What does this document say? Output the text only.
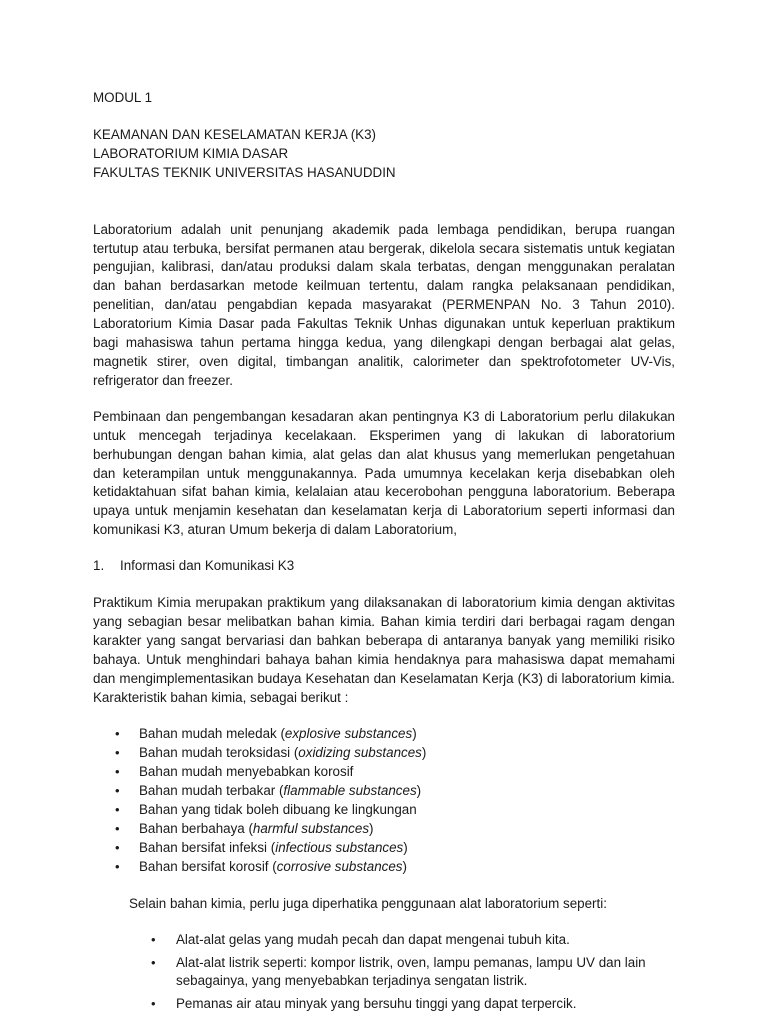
MODUL 1
KEAMANAN DAN KESELAMATAN KERJA (K3)
LABORATORIUM KIMIA DASAR
FAKULTAS TEKNIK UNIVERSITAS HASANUDDIN

Laboratorium adalah unit penunjang akademik pada lembaga pendidikan, berupa ruangan tertutup atau terbuka, bersifat permanen atau bergerak, dikelola secara sistematis untuk kegiatan pengujian, kalibrasi, dan/atau produksi dalam skala terbatas, dengan menggunakan peralatan dan bahan berdasarkan metode keilmuan tertentu, dalam rangka pelaksanaan pendidikan, penelitian, dan/atau pengabdian kepada masyarakat (PERMENPAN No. 3 Tahun 2010). Laboratorium Kimia Dasar pada Fakultas Teknik Unhas digunakan untuk keperluan praktikum bagi mahasiswa tahun pertama hingga kedua, yang dilengkapi dengan berbagai alat gelas, magnetik stirer, oven digital, timbangan analitik, calorimeter dan spektrofotometer UV-Vis, refrigerator dan freezer.

Pembinaan dan pengembangan kesadaran akan pentingnya K3 di Laboratorium perlu dilakukan untuk mencegah terjadinya kecelakaan. Eksperimen yang di lakukan di laboratorium berhubungan dengan bahan kimia, alat gelas dan alat khusus yang memerlukan pengetahuan dan keterampilan untuk menggunakannya. Pada umumnya kecelakan kerja disebabkan oleh ketidaktahuan sifat bahan kimia, kelalaian atau kecerobohan pengguna laboratorium. Beberapa upaya untuk menjamin kesehatan dan keselamatan kerja di Laboratorium seperti informasi dan komunikasi K3, aturan Umum bekerja di dalam Laboratorium,

1.	Informasi dan Komunikasi K3

Praktikum Kimia merupakan praktikum yang dilaksanakan di laboratorium kimia dengan aktivitas yang sebagian besar melibatkan bahan kimia. Bahan kimia terdiri dari berbagai ragam dengan karakter yang sangat bervariasi dan bahkan beberapa di antaranya banyak yang memiliki risiko bahaya. Untuk menghindari bahaya bahan kimia hendaknya para mahasiswa dapat memahami dan mengimplementasikan budaya Kesehatan dan Keselamatan Kerja (K3) di laboratorium kimia. Karakteristik bahan kimia, sebagai berikut :

• Bahan mudah meledak (explosive substances)
• Bahan mudah teroksidasi (oxidizing substances)
• Bahan mudah menyebabkan korosif
• Bahan mudah terbakar (flammable substances)
• Bahan yang tidak boleh dibuang ke lingkungan
• Bahan berbahaya (harmful substances)
• Bahan bersifat infeksi (infectious substances)
• Bahan bersifat korosif (corrosive substances)
Selain bahan kimia, perlu juga diperhatika penggunaan alat laboratorium seperti:
• Alat-alat gelas yang mudah pecah dan dapat mengenai tubuh kita.
• Alat-alat listrik seperti: kompor listrik, oven, lampu pemanas, lampu UV dan lain sebagainya, yang menyebabkan terjadinya sengatan listrik.
• Pemanas air atau minyak yang bersuhu tinggi yang dapat terpercik.
